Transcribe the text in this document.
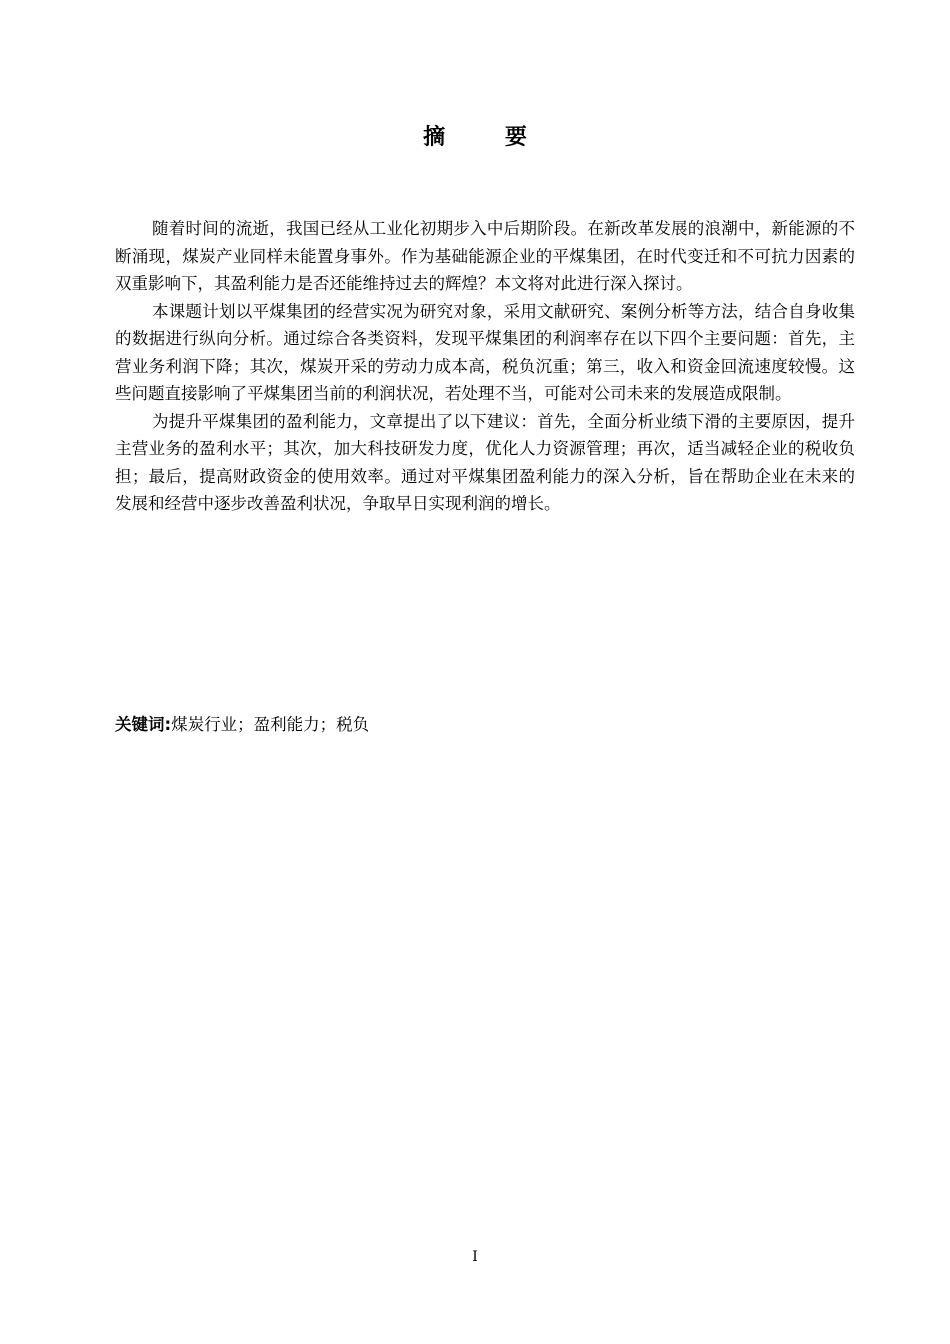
摘 要

随着时间的流逝，我国已经从工业化初期步入中后期阶段。在新改革发展的浪潮中，新能源的不断涌现，煤炭产业同样未能置身事外。作为基础能源企业的平煤集团，在时代变迁和不可抗力因素的双重影响下，其盈利能力是否还能维持过去的辉煌？本文将对此进行深入探讨。

本课题计划以平煤集团的经营实况为研究对象，采用文献研究、案例分析等方法，结合自身收集的数据进行纵向分析。通过综合各类资料，发现平煤集团的利润率存在以下四个主要问题：首先，主营业务利润下降；其次，煤炭开采的劳动力成本高，税负沉重；第三，收入和资金回流速度较慢。这些问题直接影响了平煤集团当前的利润状况，若处理不当，可能对公司未来的发展造成限制。

为提升平煤集团的盈利能力，文章提出了以下建议：首先，全面分析业绩下滑的主要原因，提升主营业务的盈利水平；其次，加大科技研发力度，优化人力资源管理；再次，适当减轻企业的税收负担；最后，提高财政资金的使用效率。通过对平煤集团盈利能力的深入分析，旨在帮助企业在未来的发展和经营中逐步改善盈利状况，争取早日实现利润的增长。

关键词:煤炭行业；盈利能力；税负
I
